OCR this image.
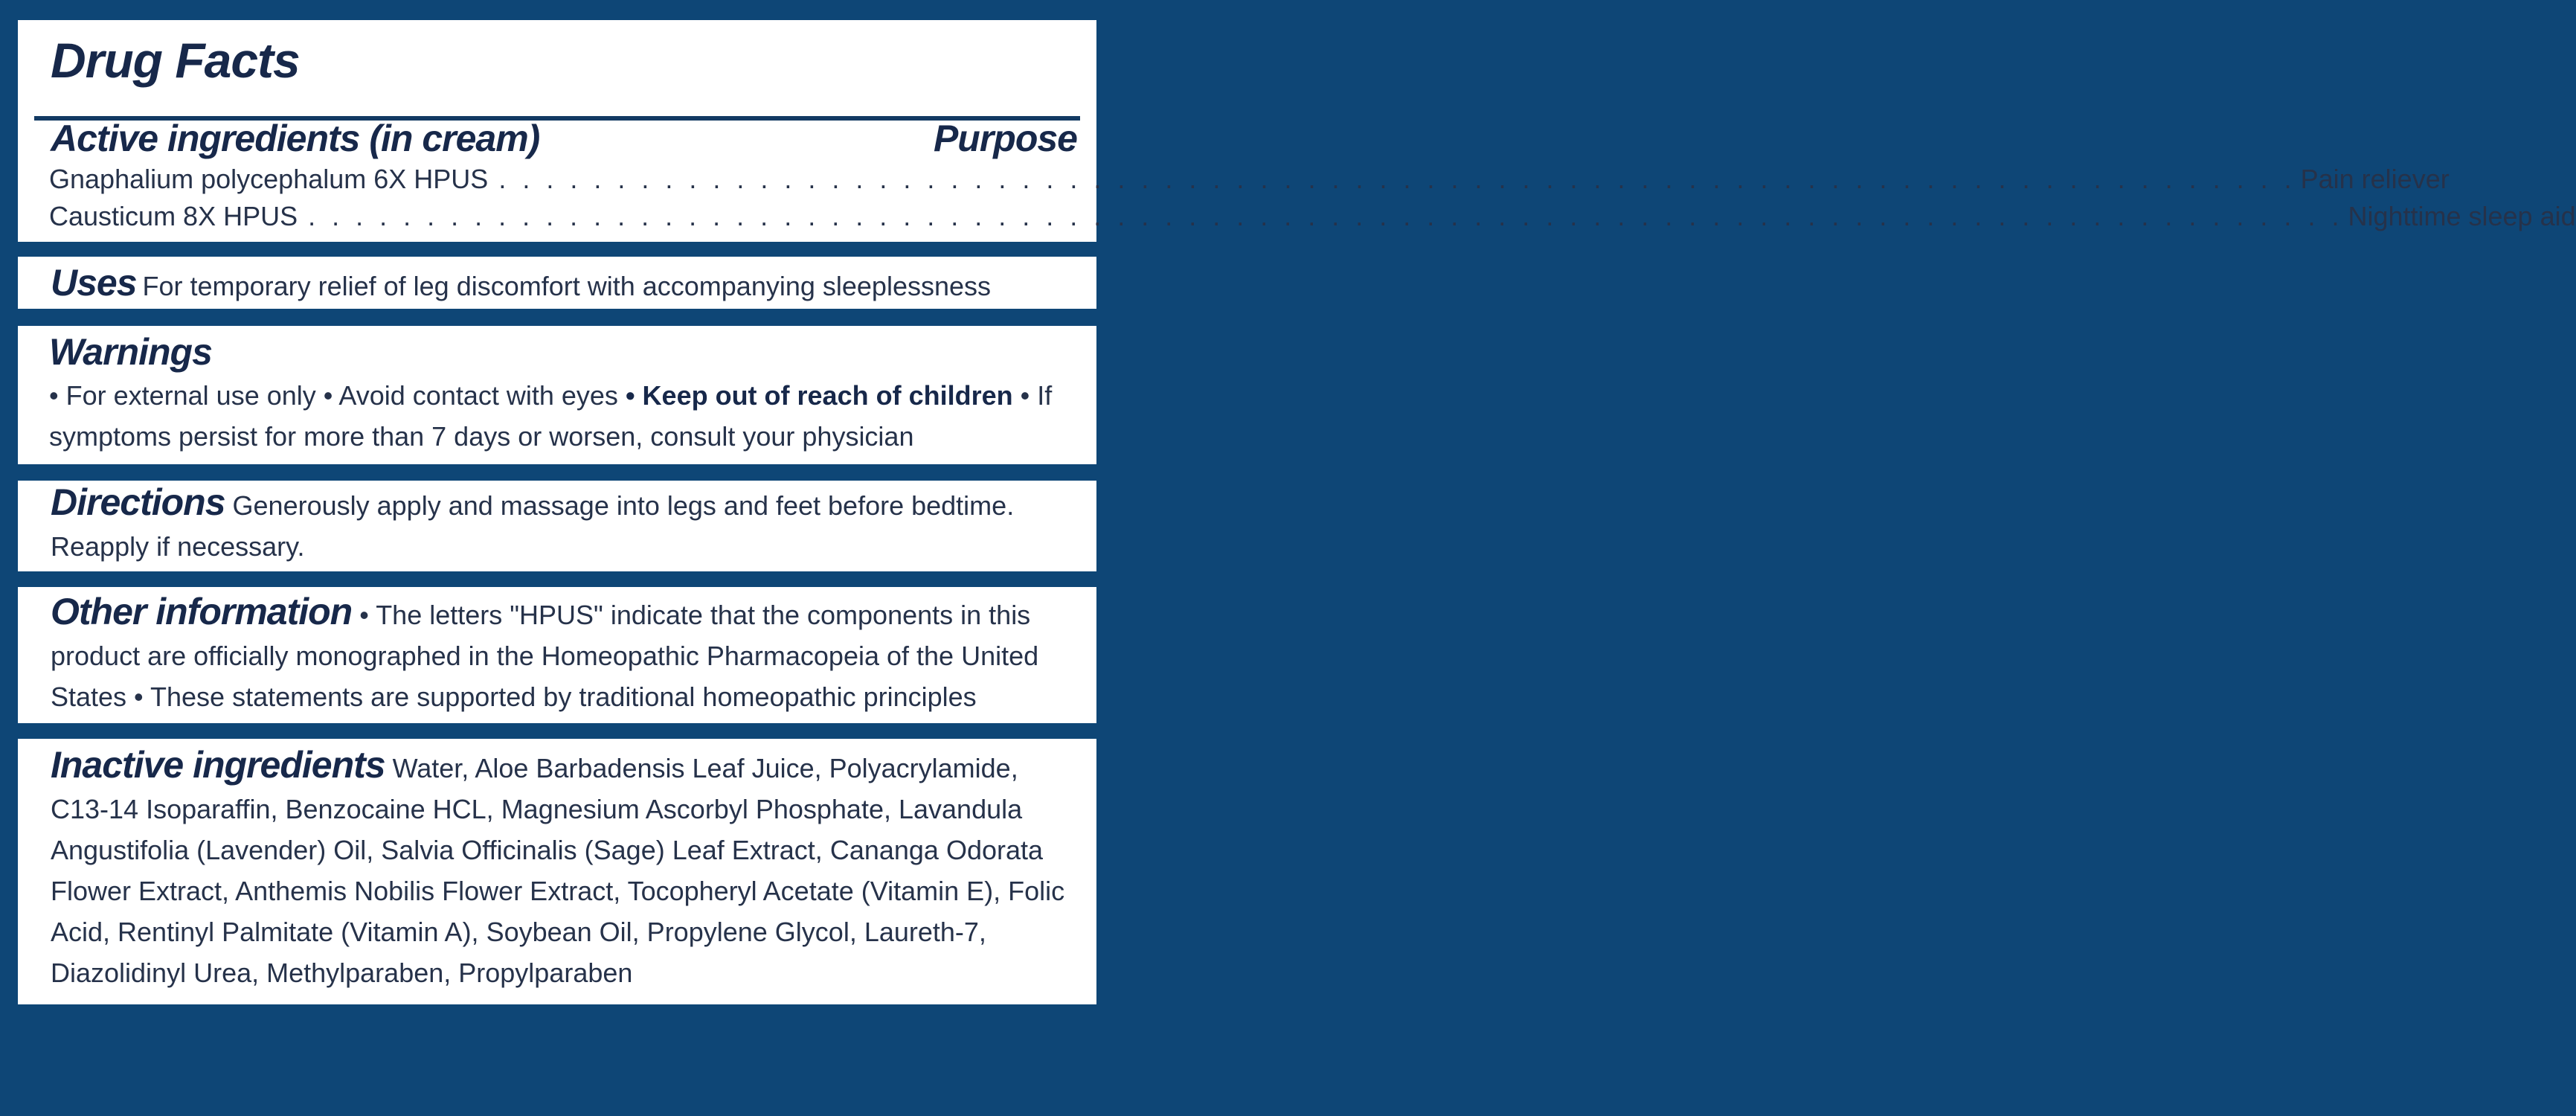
Drug Facts
Active ingredients (in cream)	Purpose
Gnaphalium polycephalum 6X HPUS . . . . . . . . . . . . . . . . . . . . . . . . . . . . . . . . . . . . . . . . . . . . . . . . . . . . . . . . . . . . . . . . . . . . . . . . . . . . Pain reliever
Causticum 8X HPUS . . . . . . . . . . . . . . . . . . . . . . . . . . . . . . . . . . . . . . . . . . . . . . . . . . . . . . . . . . . . . . . . . . . . . . . . . . . . . . . . . . . . . . Nighttime sleep aid
Uses For temporary relief of leg discomfort with accompanying sleeplessness
Warnings
• For external use only • Avoid contact with eyes • Keep out of reach of children • If symptoms persist for more than 7 days or worsen, consult your physician
Directions Generously apply and massage into legs and feet before bedtime. Reapply if necessary.
Other information • The letters "HPUS" indicate that the components in this product are officially monographed in the Homeopathic Pharmacopeia of the United States • These statements are supported by traditional homeopathic principles
Inactive ingredients Water, Aloe Barbadensis Leaf Juice, Polyacrylamide, C13-14 Isoparaffin, Benzocaine HCL, Magnesium Ascorbyl Phosphate, Lavandula Angustifolia (Lavender) Oil, Salvia Officinalis (Sage) Leaf Extract, Cananga Odorata Flower Extract, Anthemis Nobilis Flower Extract, Tocopheryl Acetate (Vitamin E), Folic Acid, Rentinyl Palmitate (Vitamin A), Soybean Oil, Propylene Glycol, Laureth-7, Diazolidinyl Urea, Methylparaben, Propylparaben
